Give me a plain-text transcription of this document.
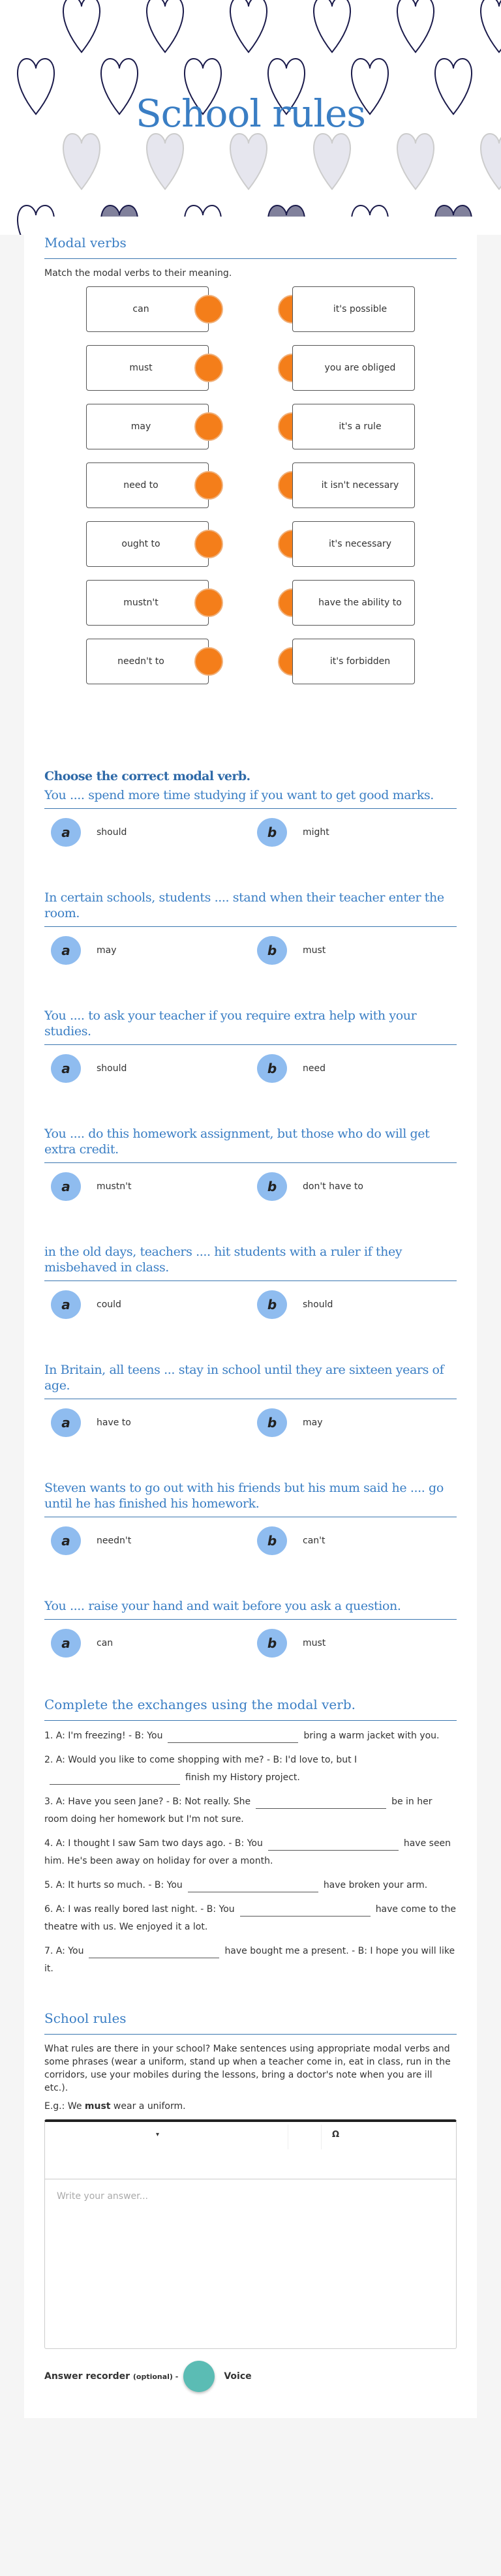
School rules
Modal verbs
Match the modal verbs to their meaning.
can	it's possible
must	you are obliged
may	it's a rule
need to	it isn't necessary
ought to	it's necessary
mustn't	have the ability to
needn't to	it's forbidden
Choose the correct modal verb.
You .... spend more time studying if you want to get good marks.
a	should	b	might
In certain schools, students .... stand when their teacher enter the room.
a	may	b	must
You .... to ask your teacher if you require extra help with your studies.
a	should	b	need
You .... do this homework assignment, but those who do will get extra credit.
a	mustn't	b	don't have to
in the old days, teachers .... hit students with a ruler if they misbehaved in class.
a	could	b	should
In Britain, all teens ... stay in school until they are sixteen years of age.
a	have to	b	may
Steven wants to go out with his friends but his mum said he .... go until he has finished his homework.
a	needn't	b	can't
You .... raise your hand and wait before you ask a question.
a	can	b	must
Complete the exchanges using the modal verb.

1. A: I'm freezing! - B: You	bring a warm jacket with you.

2. A: Would you like to come shopping with me? - B: I'd love to, but Ifinish my History project.

3. A: Have you seen Jane? - B: Not really. She	be in her room doing her homework but I'm not sure.

4. A: I thought I saw Sam two days ago. - B: You	have seen him. He's been away on holiday for over a month.

5. A: It hurts so much. - B: You	have broken your arm.

6. A: I was really bored last night. - B: You	have come to the theatre with us. We enjoyed it a lot.

7. A: You	have bought me a present. - B: I hope you will like it.

School rules
What rules are there in your school? Make sentences using appropriate modal verbs and some phrases (wear a uniform, stand up when a teacher come in, eat in class, run in the corridors, use your mobiles during the lessons, bring a doctor's note when you are ill etc.).
E.g.: We must wear a uniform.
▾	Ω
Write your answer...
Answer recorder
(optional) -	Voice
